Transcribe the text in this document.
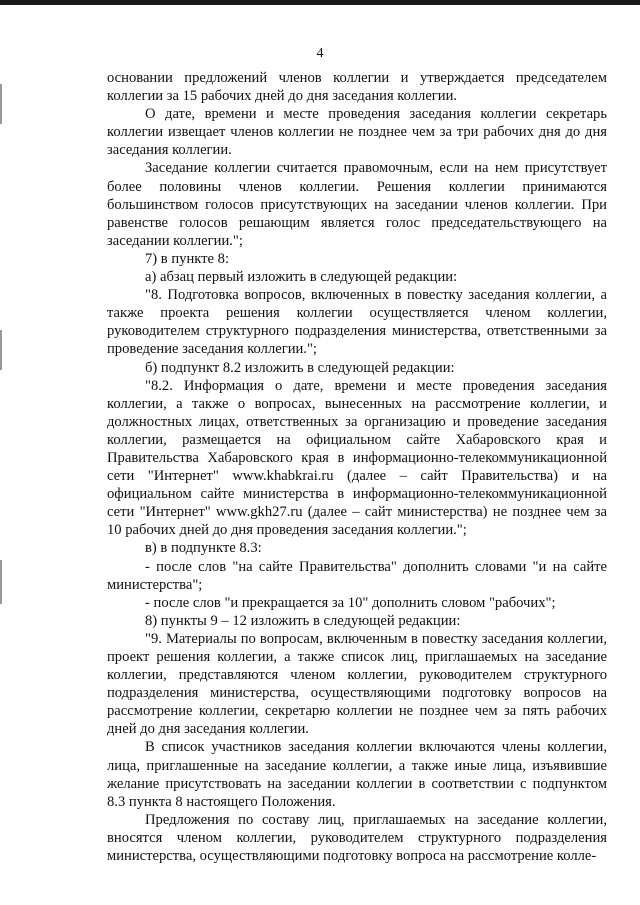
4

основании предложений членов коллегии и утверждается председателем коллегии за 15 рабочих дней до дня заседания коллегии.

О дате, времени и месте проведения заседания коллегии секретарь коллегии извещает членов коллегии не позднее чем за три рабочих дня до дня заседания коллегии.

Заседание коллегии считается правомочным, если на нем присутствует более половины членов коллегии. Решения коллегии принимаются большинством голосов присутствующих на заседании членов коллегии. При равенстве голосов решающим является голос председательствующего на заседании коллегии.";

7) в пункте 8:

а) абзац первый изложить в следующей редакции:

"8. Подготовка вопросов, включенных в повестку заседания коллегии, а также проекта решения коллегии осуществляется членом коллегии, руководителем структурного подразделения министерства, ответственными за проведение заседания коллегии.";

б) подпункт 8.2 изложить в следующей редакции:

"8.2. Информация о дате, времени и месте проведения заседания коллегии, а также о вопросах, вынесенных на рассмотрение коллегии, и должностных лицах, ответственных за организацию и проведение заседания коллегии, размещается на официальном сайте Хабаровского края и Правительства Хабаровского края в информационно-телекоммуникационной сети "Интернет" www.khabkrai.ru (далее – сайт Правительства) и на официальном сайте министерства в информационно-телекоммуникационной сети "Интернет" www.gkh27.ru (далее – сайт министерства) не позднее чем за 10 рабочих дней до дня проведения заседания коллегии.";

в) в подпункте 8.3:

- после слов "на сайте Правительства" дополнить словами "и на сайте министерства";

- после слов "и прекращается за 10" дополнить словом "рабочих";

8) пункты 9 – 12 изложить в следующей редакции:

"9. Материалы по вопросам, включенным в повестку заседания коллегии, проект решения коллегии, а также список лиц, приглашаемых на заседание коллегии, представляются членом коллегии, руководителем структурного подразделения министерства, осуществляющими подготовку вопросов на рассмотрение коллегии, секретарю коллегии не позднее чем за пять рабочих дней до дня заседания коллегии.

В список участников заседания коллегии включаются члены коллегии, лица, приглашенные на заседание коллегии, а также иные лица, изъявившие желание присутствовать на заседании коллегии в соответствии с подпунктом 8.3 пункта 8 настоящего Положения.

Предложения по составу лиц, приглашаемых на заседание коллегии, вносятся членом коллегии, руководителем структурного подразделения министерства, осуществляющими подготовку вопроса на рассмотрение колле-
